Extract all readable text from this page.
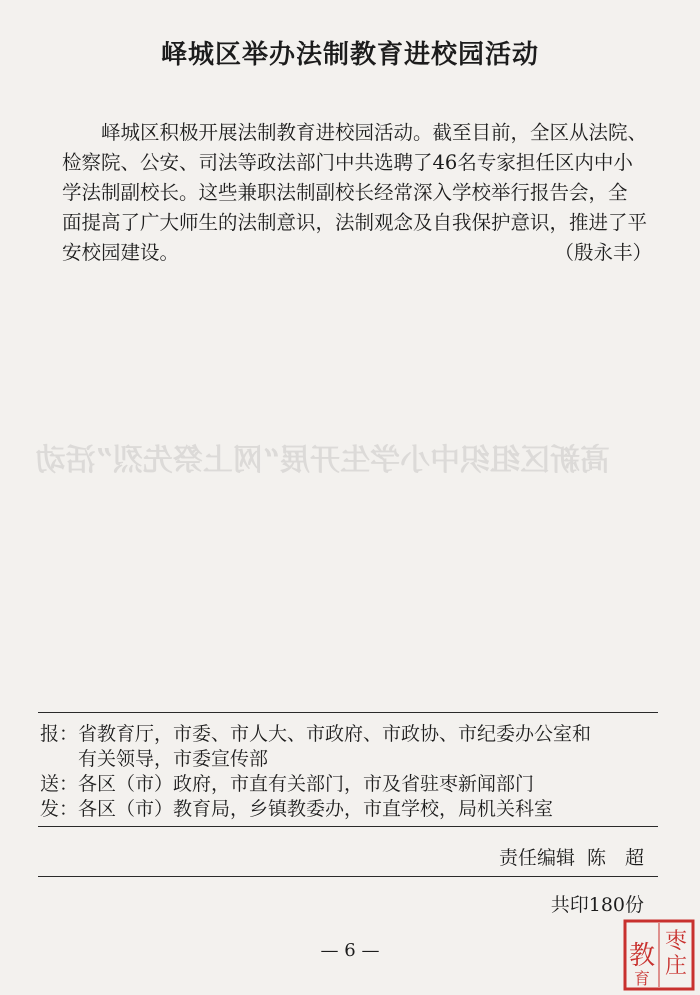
高新区组织中小学生开展“网上祭先烈”活动
峄城区举办法制教育进校园活动
峄城区积极开展法制教育进校园活动。截至目前，全区从法院、
检察院、公安、司法等政法部门中共选聘了46名专家担任区内中小
学法制副校长。这些兼职法制副校长经常深入学校举行报告会，全
面提高了广大师生的法制意识，法制观念及自我保护意识，推进了平
安校园建设。	（殷永丰）
报：省教育厅，市委、市人大、市政府、市政协、市纪委办公室和
有关领导，市委宣传部
送：各区（市）政府，市直有关部门，市及省驻枣新闻部门
发：各区（市）教育局，乡镇教委办，市直学校，局机关科室
责任编辑 陈　超
共印180份
— 6 —	教 枣
庄
育
